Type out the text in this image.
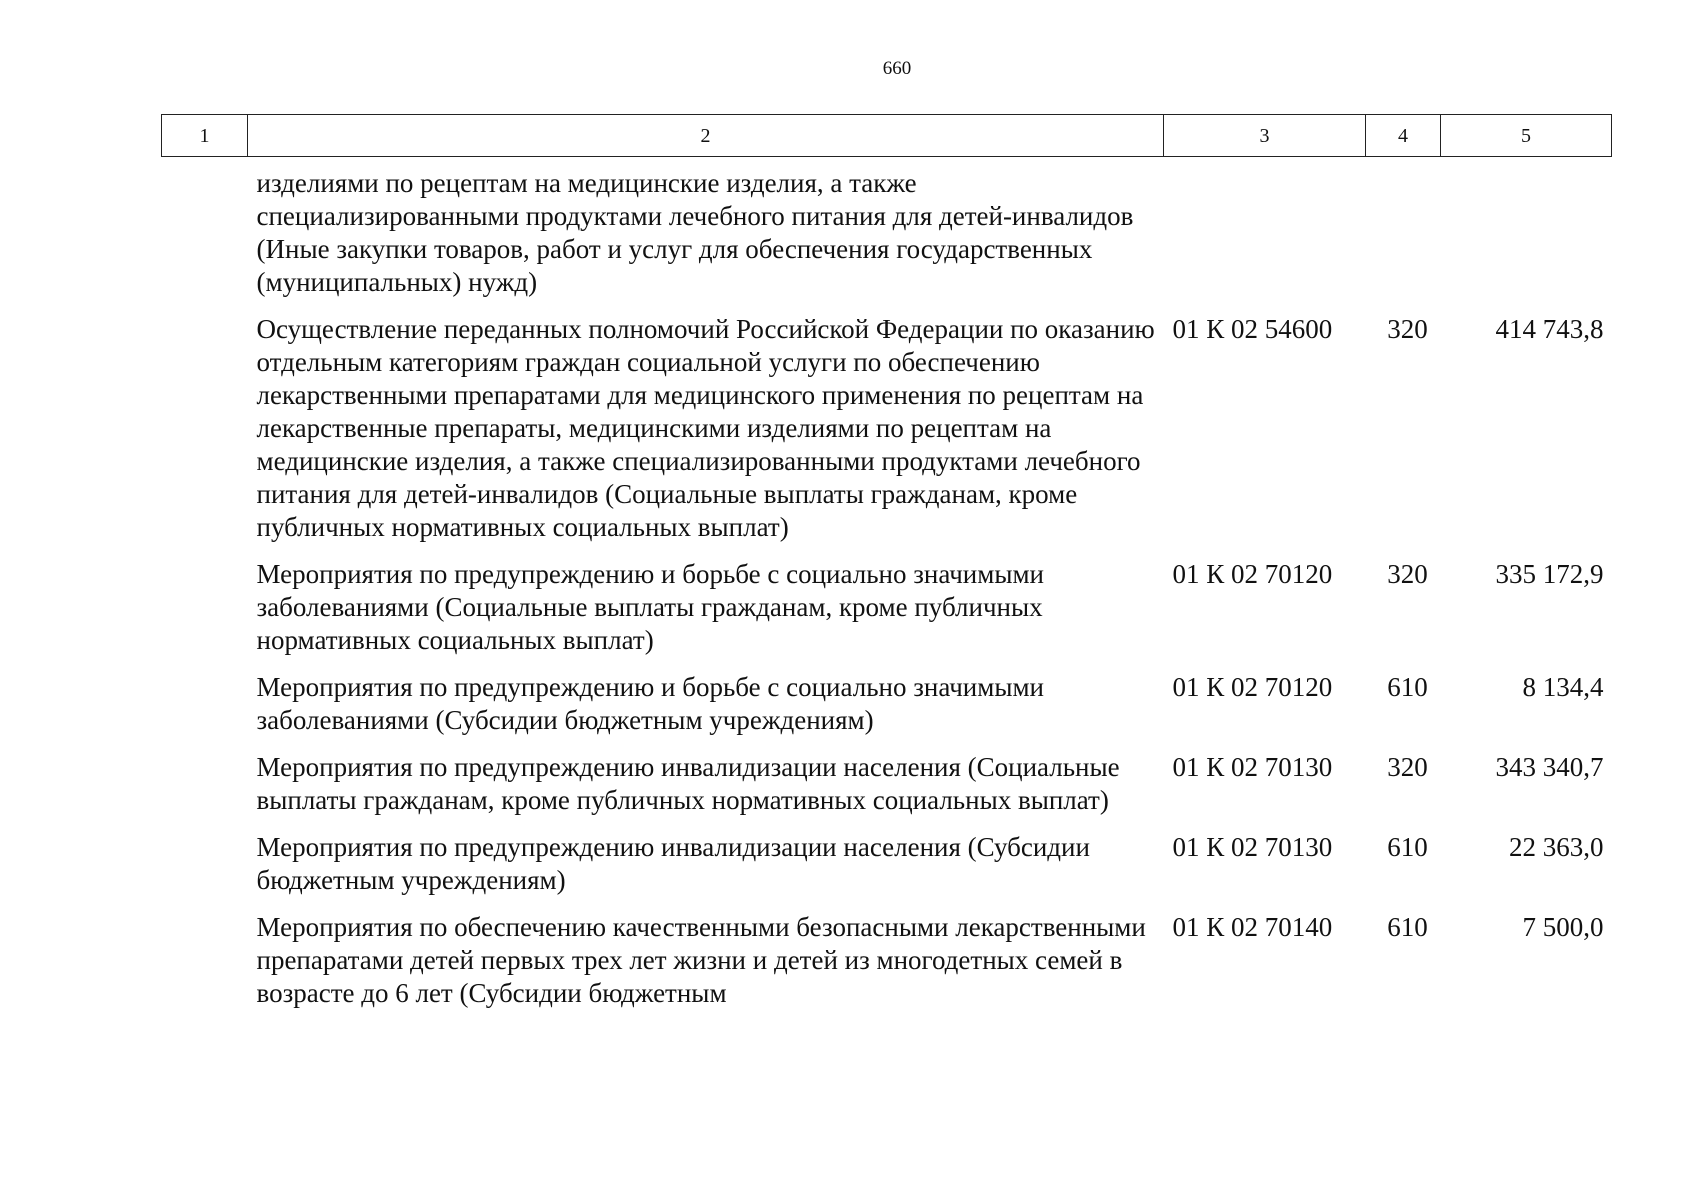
660
1	2	3	4	5
	изделиями по рецептам на медицинские изделия, а также специализированными продуктами лечебного питания для детей-инвалидов (Иные закупки товаров, работ и услуг для обеспечения государственных (муниципальных) нужд)			
	Осуществление переданных полномочий Российской Федерации по оказанию отдельным категориям граждан социальной услуги по обеспечению лекарственными препаратами для медицинского применения по рецептам на лекарственные препараты, медицинскими изделиями по рецептам на медицинские изделия, а также специализированными продуктами лечебного питания для детей-инвалидов (Социальные выплаты гражданам, кроме публичных нормативных социальных выплат)	01 К 02 54600	320	414 743,8
	Мероприятия по предупреждению и борьбе с социально значимыми заболеваниями (Социальные выплаты гражданам, кроме публичных нормативных социальных выплат)	01 К 02 70120	320	335 172,9
	Мероприятия по предупреждению и борьбе с социально значимыми заболеваниями (Субсидии бюджетным учреждениям)	01 К 02 70120	610	8 134,4
	Мероприятия по предупреждению инвалидизации населения (Социальные выплаты гражданам, кроме публичных нормативных социальных выплат)	01 К 02 70130	320	343 340,7
	Мероприятия по предупреждению инвалидизации населения (Субсидии бюджетным учреждениям)	01 К 02 70130	610	22 363,0
	Мероприятия по обеспечению качественными безопасными лекарственными препаратами детей первых трех лет жизни и детей из многодетных семей в возрасте до 6 лет (Субсидии бюджетным	01 К 02 70140	610	7 500,0
